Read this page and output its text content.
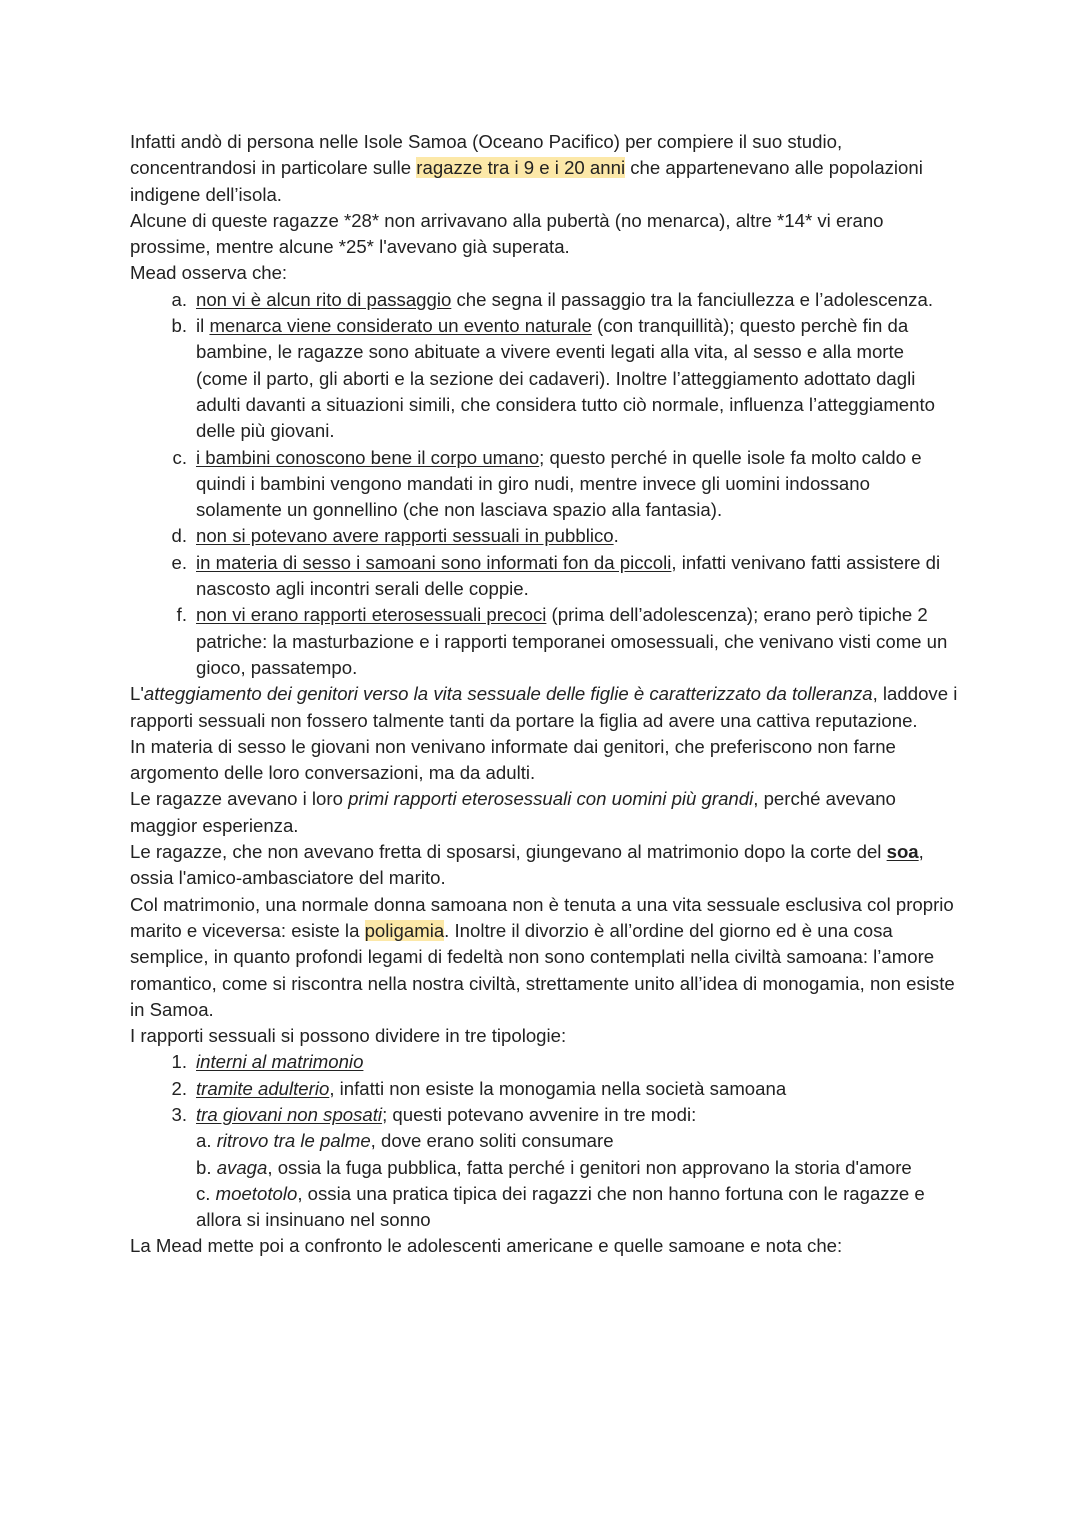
Infatti andò di persona nelle Isole Samoa (Oceano Pacifico) per compiere il suo studio, concentrandosi in particolare sulle ragazze tra i 9 e i 20 anni che appartenevano alle popolazioni indigene dell’isola.

Alcune di queste ragazze *28* non arrivavano alla pubertà (no menarca), altre *14* vi erano prossime, mentre alcune *25* l'avevano già superata.

Mead osserva che:

a. non vi è alcun rito di passaggio che segna il passaggio tra la fanciullezza e l’adolescenza.
b. il menarca viene considerato un evento naturale (con tranquillità); questo perchè fin da bambine, le ragazze sono abituate a vivere eventi legati alla vita, al sesso e alla morte (come il parto, gli aborti e la sezione dei cadaveri). Inoltre l’atteggiamento adottato dagli adulti davanti a situazioni simili, che considera tutto ciò normale, influenza l’atteggiamento delle più giovani.
c. i bambini conoscono bene il corpo umano; questo perché in quelle isole fa molto caldo e quindi i bambini vengono mandati in giro nudi, mentre invece gli uomini indossano solamente un gonnellino (che non lasciava spazio alla fantasia).
d. non si potevano avere rapporti sessuali in pubblico.
e. in materia di sesso i samoani sono informati fon da piccoli, infatti venivano fatti assistere di nascosto agli incontri serali delle coppie.
f. non vi erano rapporti eterosessuali precoci (prima dell’adolescenza); erano però tipiche 2 patriche: la masturbazione e i rapporti temporanei omosessuali, che venivano visti come un gioco, passatempo.

L'atteggiamento dei genitori verso la vita sessuale delle figlie è caratterizzato da tolleranza, laddove i rapporti sessuali non fossero talmente tanti da portare la figlia ad avere una cattiva reputazione.

In materia di sesso le giovani non venivano informate dai genitori, che preferiscono non farne argomento delle loro conversazioni, ma da adulti.

Le ragazze avevano i loro primi rapporti eterosessuali con uomini più grandi, perché avevano maggior esperienza.

Le ragazze, che non avevano fretta di sposarsi, giungevano al matrimonio dopo la corte del soa, ossia l'amico-ambasciatore del marito.

Col matrimonio, una normale donna samoana non è tenuta a una vita sessuale esclusiva col proprio marito e viceversa: esiste la poligamia. Inoltre il divorzio è all’ordine del giorno ed è una cosa semplice, in quanto profondi legami di fedeltà non sono contemplati nella civiltà samoana: l’amore romantico, come si riscontra nella nostra civiltà, strettamente unito all’idea di monogamia, non esiste in Samoa.

I rapporti sessuali si possono dividere in tre tipologie:

1. interni al matrimonio
2. tramite adulterio, infatti non esiste la monogamia nella società samoana
3. tra giovani non sposati; questi potevano avvenire in tre modi:

a. ritrovo tra le palme, dove erano soliti consumare

b. avaga, ossia la fuga pubblica, fatta perché i genitori non approvano la storia d'amore

c. moetotolo, ossia una pratica tipica dei ragazzi che non hanno fortuna con le ragazze e allora si insinuano nel sonno

La Mead mette poi a confronto le adolescenti americane e quelle samoane e nota che:
